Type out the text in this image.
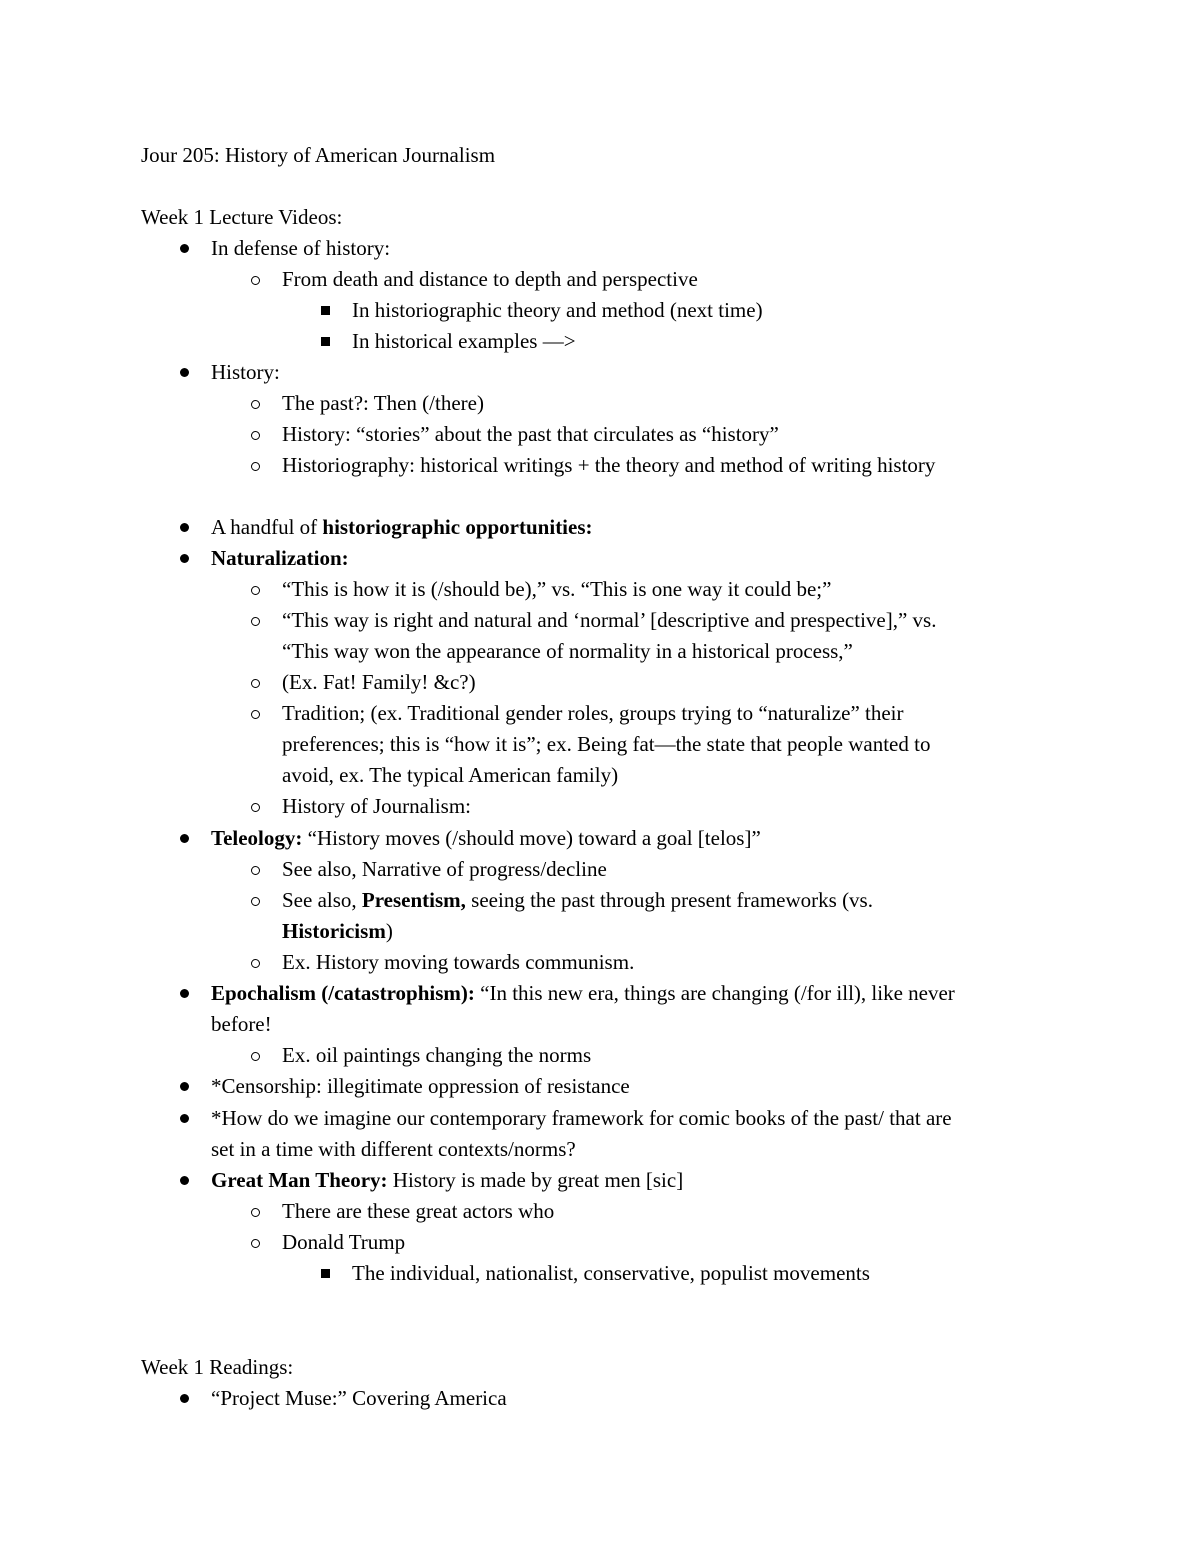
Jour 205: History of American Journalism
Week 1 Lecture Videos:
In defense of history:
From death and distance to depth and perspective
In historiographic theory and method (next time)
In historical examples —>
History:
The past?: Then (/there)
History: “stories” about the past that circulates as “history”
Historiography: historical writings + the theory and method of writing history
A handful of historiographic opportunities:
Naturalization:
“This is how it is (/should be),” vs. “This is one way it could be;”
“This way is right and natural and ‘normal’ [descriptive and prespective],” vs.
“This way won the appearance of normality in a historical process,”
(Ex. Fat! Family! &c?)
Tradition; (ex. Traditional gender roles, groups trying to “naturalize” their
preferences; this is “how it is”; ex. Being fat—the state that people wanted to
avoid, ex. The typical American family)
History of Journalism:
Teleology: “History moves (/should move) toward a goal [telos]”
See also, Narrative of progress/decline
See also, Presentism, seeing the past through present frameworks (vs.
Historicism)
Ex. History moving towards communism.
Epochalism (/catastrophism): “In this new era, things are changing (/for ill), like never
before!
Ex. oil paintings changing the norms
*Censorship: illegitimate oppression of resistance
*How do we imagine our contemporary framework for comic books of the past/ that are
set in a time with different contexts/norms?
Great Man Theory: History is made by great men [sic]
There are these great actors who
Donald Trump
The individual, nationalist, conservative, populist movements
Week 1 Readings:
“Project Muse:” Covering America
